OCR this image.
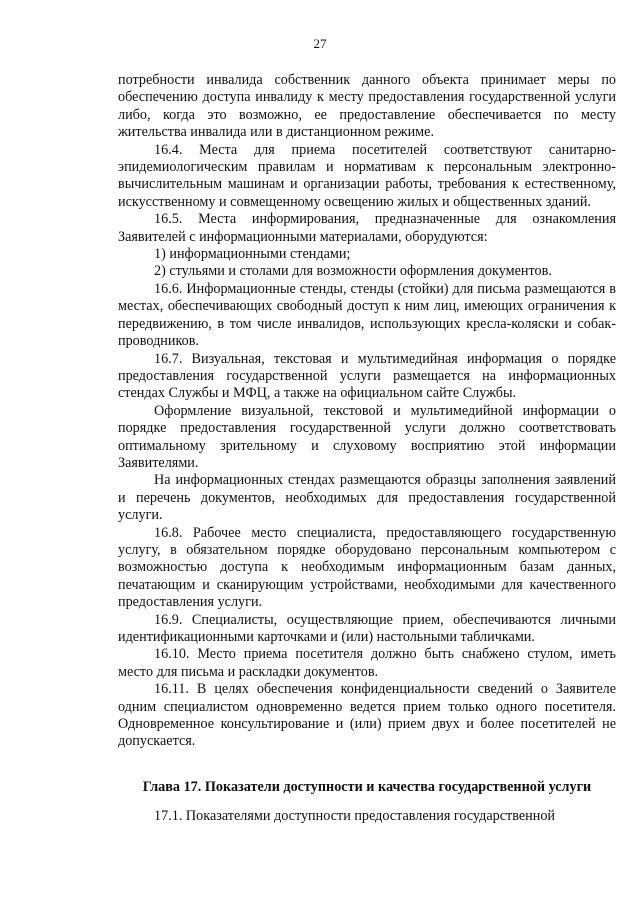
27

потребности инвалида собственник данного объекта принимает меры по обеспечению доступа инвалиду к месту предоставления государственной услуги либо, когда это возможно, ее предоставление обеспечивается по месту жительства инвалида или в дистанционном режиме.

16.4. Места для приема посетителей соответствуют санитарно-эпидемиологическим правилам и нормативам к персональным электронно-вычислительным машинам и организации работы, требования к естественному, искусственному и совмещенному освещению жилых и общественных зданий.

16.5. Места информирования, предназначенные для ознакомления Заявителей с информационными материалами, оборудуются:

1) информационными стендами;

2) стульями и столами для возможности оформления документов.

16.6. Информационные стенды, стенды (стойки) для письма размещаются в местах, обеспечивающих свободный доступ к ним лиц, имеющих ограничения к передвижению, в том числе инвалидов, использующих кресла-коляски и собак-проводников.

16.7. Визуальная, текстовая и мультимедийная информация о порядке предоставления государственной услуги размещается на информационных стендах Службы и МФЦ, а также на официальном сайте Службы.

Оформление визуальной, текстовой и мультимедийной информации о порядке предоставления государственной услуги должно соответствовать оптимальному зрительному и слуховому восприятию этой информации Заявителями.

На информационных стендах размещаются образцы заполнения заявлений и перечень документов, необходимых для предоставления государственной услуги.

16.8. Рабочее место специалиста, предоставляющего государственную услугу, в обязательном порядке оборудовано персональным компьютером с возможностью доступа к необходимым информационным базам данных, печатающим и сканирующим устройствами, необходимыми для качественного предоставления услуги.

16.9. Специалисты, осуществляющие прием, обеспечиваются личными идентификационными карточками и (или) настольными табличками.

16.10. Место приема посетителя должно быть снабжено стулом, иметь место для письма и раскладки документов.

16.11. В целях обеспечения конфиденциальности сведений о Заявителе одним специалистом одновременно ведется прием только одного посетителя. Одновременное консультирование и (или) прием двух и более посетителей не допускается.

Глава 17. Показатели доступности и качества государственной услуги

17.1. Показателями доступности предоставления государственной
